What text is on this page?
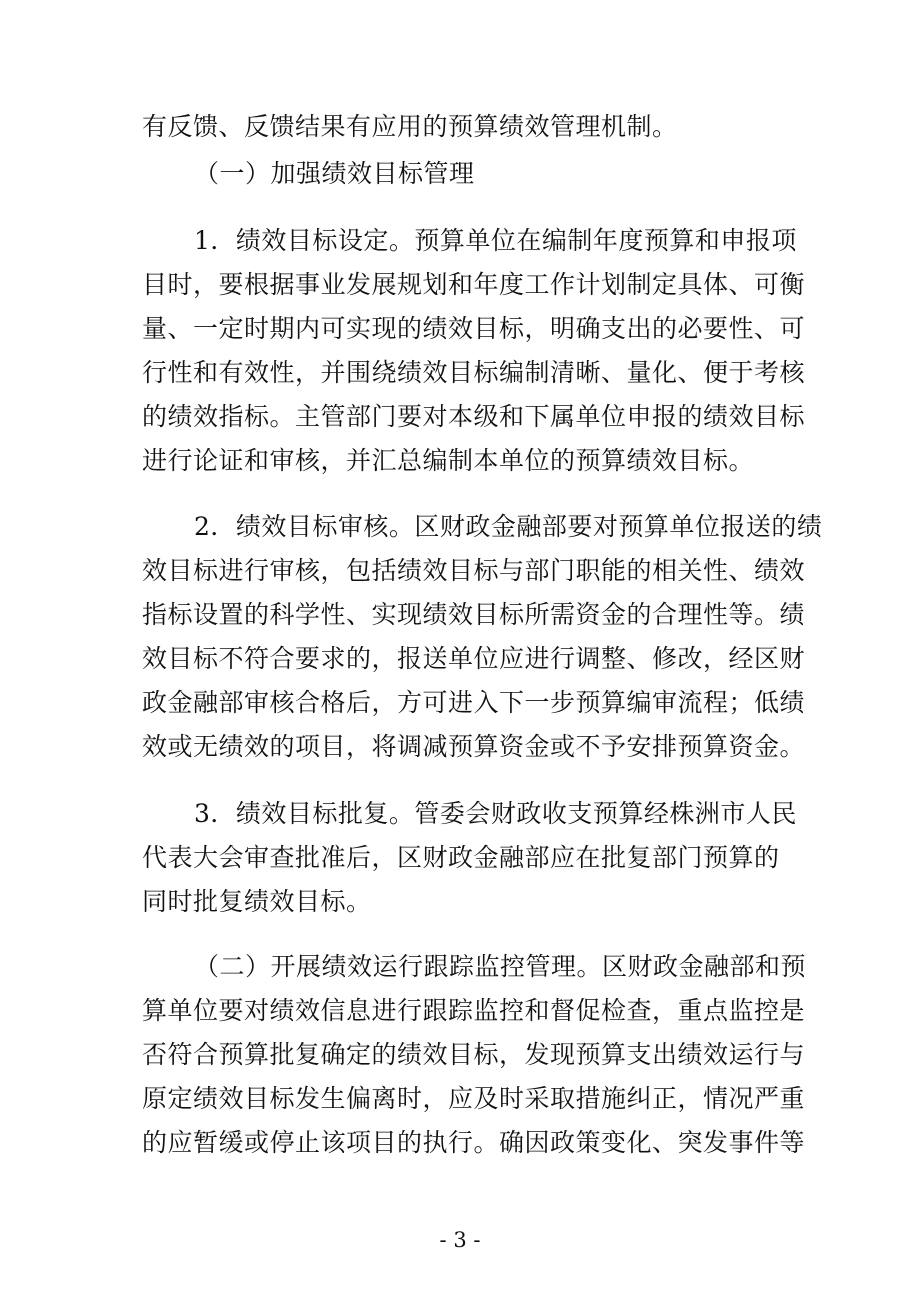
有反馈、反馈结果有应用的预算绩效管理机制。
（一）加强绩效目标管理
1．绩效目标设定。预算单位在编制年度预算和申报项
目时，要根据事业发展规划和年度工作计划制定具体、可衡
量、一定时期内可实现的绩效目标，明确支出的必要性、可
行性和有效性，并围绕绩效目标编制清晰、量化、便于考核
的绩效指标。主管部门要对本级和下属单位申报的绩效目标
进行论证和审核，并汇总编制本单位的预算绩效目标。
2．绩效目标审核。区财政金融部要对预算单位报送的绩
效目标进行审核，包括绩效目标与部门职能的相关性、绩效
指标设置的科学性、实现绩效目标所需资金的合理性等。绩
效目标不符合要求的，报送单位应进行调整、修改，经区财
政金融部审核合格后，方可进入下一步预算编审流程；低绩
效或无绩效的项目，将调减预算资金或不予安排预算资金。
3．绩效目标批复。管委会财政收支预算经株洲市人民
代表大会审查批准后，区财政金融部应在批复部门预算的
同时批复绩效目标。
（二）开展绩效运行跟踪监控管理。区财政金融部和预
算单位要对绩效信息进行跟踪监控和督促检查，重点监控是
否符合预算批复确定的绩效目标，发现预算支出绩效运行与
原定绩效目标发生偏离时，应及时采取措施纠正，情况严重
的应暂缓或停止该项目的执行。确因政策变化、突发事件等
- 3 -
